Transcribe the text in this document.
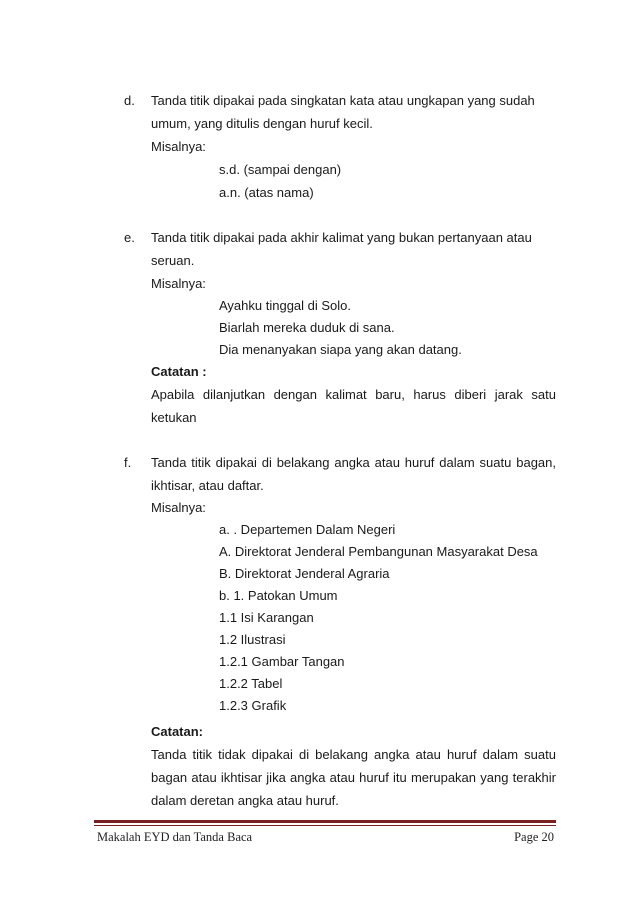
d. Tanda titik dipakai pada singkatan kata atau ungkapan yang sudah
umum, yang ditulis dengan huruf kecil.
Misalnya:
s.d. (sampai dengan)
a.n. (atas nama)
e. Tanda titik dipakai pada akhir kalimat yang bukan pertanyaan atau
seruan.
Misalnya:
Ayahku tinggal di Solo.
Biarlah mereka duduk di sana.
Dia menanyakan siapa yang akan datang.
Catatan :
Apabila dilanjutkan dengan kalimat baru, harus diberi jarak satu
ketukan
f. Tanda titik dipakai di belakang angka atau huruf dalam suatu bagan,
ikhtisar, atau daftar.
Misalnya:
a. . Departemen Dalam Negeri
A. Direktorat Jenderal Pembangunan Masyarakat Desa
B. Direktorat Jenderal Agraria
b. 1. Patokan Umum
1.1 Isi Karangan
1.2 Ilustrasi
1.2.1 Gambar Tangan
1.2.2 Tabel
1.2.3 Grafik
Catatan:
Tanda titik tidak dipakai di belakang angka atau huruf dalam suatu
bagan atau ikhtisar jika angka atau huruf itu merupakan yang terakhir
dalam deretan angka atau huruf.
Makalah EYD dan Tanda Baca	Page 20
